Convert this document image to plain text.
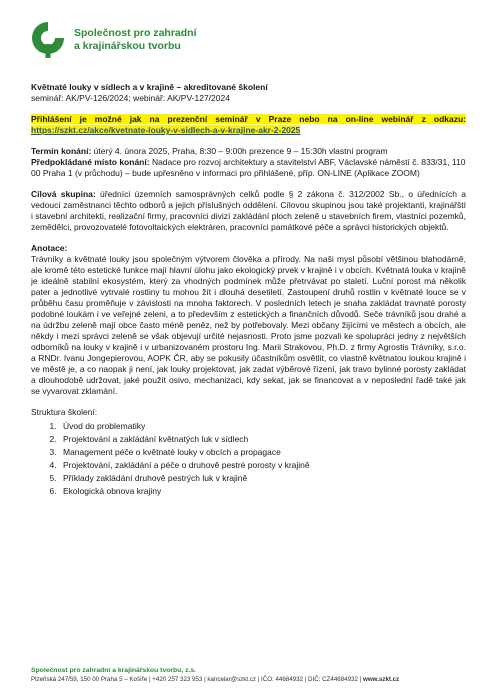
Společnost pro zahradní
a krajinářskou tvorbu

Květnaté louky v sídlech a v krajině – akreditované školení

seminář: AK/PV-126/2024; webinář: AK/PV-127/2024

Přihlášení je možné jak na prezenční seminář v Praze nebo na on-line webinář z odkazu: https://szkt.cz/akce/kvetnate-louky-v-sidlech-a-v-krajine-akr-2-2025

Termín konání: úterý 4. února 2025, Praha, 8:30 – 9:00h prezence 9 – 15:30h vlastní program

Předpokládané místo konání: Nadace pro rozvoj architektury a stavitelství ABF, Václavské náměstí č. 833/31, 110 00 Praha 1 (v průchodu) – bude upřesněno v informaci pro přihlášené, příp. ON-LINE (Aplikace ZOOM)

Cílová skupina: úředníci územních samosprávných celků podle § 2 zákona č. 312/2002 Sb., o úřednících a vedoucí zaměstnanci těchto odborů a jejich příslušných oddělení. Cílovou skupinou jsou také projektanti, krajinářští i stavební architekti, realizační firmy, pracovníci divizí zakládání ploch zeleně u stavebních firem, vlastníci pozemků, zemědělci, provozovatelé fotovoltaických elektráren, pracovníci památkové péče a správci historických objektů.

Anotace:

Trávníky a květnaté louky jsou společným výtvorem člověka a přírody. Na naši mysl působí většinou blahodárně, ale kromě této estetické funkce mají hlavní úlohu jako ekologický prvek v krajině i v obcích. Květnatá louka v krajině je ideálně stabilní ekosystém, který za vhodných podmínek může přetrvávat po staletí. Luční porost má několik pater a jednotlivé vytrvalé rostliny tu mohou žít i dlouhá desetiletí. Zastoupení druhů rostlin v květnaté louce se v průběhu času proměňuje v závislosti na mnoha faktorech. V posledních letech je snaha zakládat travnaté porosty podobné loukám i ve veřejné zeleni, a to především z estetických a finančních důvodů. Seče trávníků jsou drahé a na údržbu zeleně mají obce často méně peněz, než by potřebovaly. Mezi občany žijícími ve městech a obcích, ale někdy i mezi správci zeleně se však objevují určité nejasnosti. Proto jsme pozvali ke spolupráci jedny z největších odborníků na louky v krajině i v urbanizovaném prostoru Ing. Marii Strakovou, Ph.D. z firmy Agrostis Trávníky, s.r.o. a RNDr. Ivanu Jongepierovou, AOPK ČR, aby se pokusily účastníkům osvětlit, co vlastně květnatou loukou krajině i ve městě je, a co naopak ji není, jak louky projektovat, jak zadat výběrové řízení, jak travo bylinné porosty zakládat a dlouhodobě udržovat, jaké použít osivo, mechanizaci, kdy sekat, jak se financovat a v neposlední řadě také jak se vyvarovat zklamání.

Struktura školení:

1. Úvod do problematiky
2. Projektování a zakládání květnatých luk v sídlech
3. Management péče o květnaté louky v obcích a propagace
4. Projektování, zakládání a péče o druhově pestré porosty v krajině
5. Příklady zakládání druhově pestrých luk v krajině
6. Ekologická obnova krajiny
Společnost pro zahradní a krajinářskou tvorbu, z.s.
Plzeňská 247/59, 150 00 Praha 5 – Košíře | +420 257 323 953 | kancelar@szkt.cz | IČO: 44684932 | DIČ: CZ44684932 | www.szkt.cz
